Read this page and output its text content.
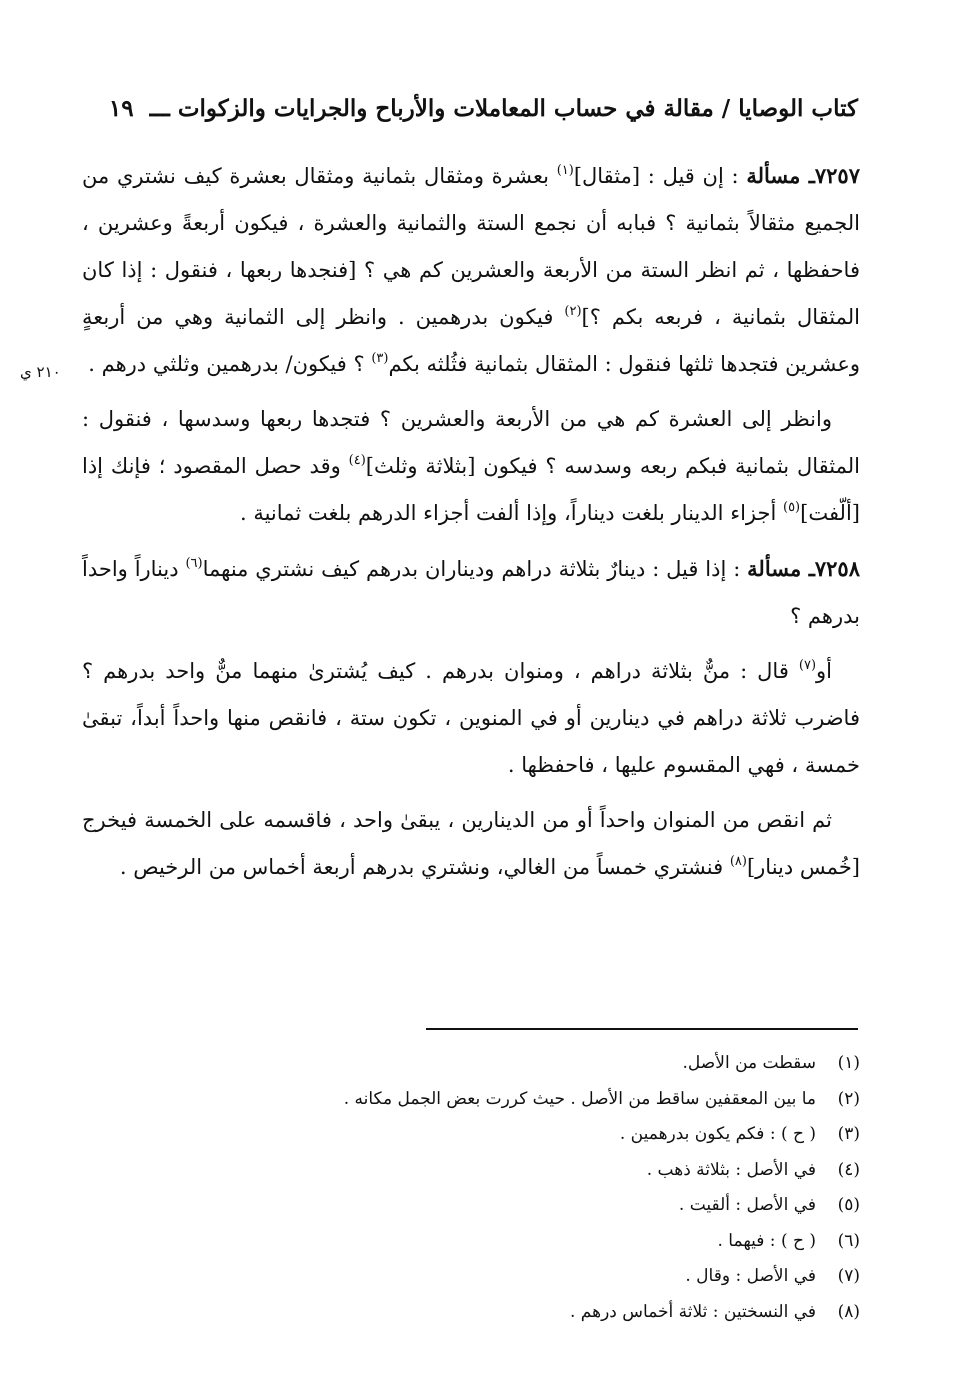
كتاب الوصايا / مقالة في حساب المعاملات والأرباح والجرايات والزكوات ـــ ١٩
٢١٠ ي

٧٢٥٧ـ مسألة : إن قيل : [مثقال]$^{(١)}$ بعشرة ومثقال بثمانية ومثقال بعشرة كيف نشتري من الجميع مثقالاً بثمانية ؟ فبابه أن نجمع الستة والثمانية والعشرة ، فيكون أربعةً وعشرين ، فاحفظها ، ثم انظر الستة من الأربعة والعشرين كم هي ؟ [فنجدها ربعها ، فنقول : إذا كان المثقال بثمانية ، فربعه بكم ؟]$^{(٢)}$ فيكون بدرهمين . وانظر إلى الثمانية وهي من أربعةٍ وعشرين فتجدها ثلثها فنقول : المثقال بثمانية فثُلثه بكم$^{(٣)}$ ؟ فيكون/ بدرهمين وثلثي درهم .

وانظر إلى العشرة كم هي من الأربعة والعشرين ؟ فتجدها ربعها وسدسها ، فنقول : المثقال بثمانية فبكم ربعه وسدسه ؟ فيكون [بثلاثة وثلث]$^{(٤)}$ وقد حصل المقصود ؛ فإنك إذا [ألّفت]$^{(٥)}$ أجزاء الدينار بلغت ديناراً، وإذا ألفت أجزاء الدرهم بلغت ثمانية .

٧٢٥٨ـ مسألة : إذا قيل : دينارٌ بثلاثة دراهم وديناران بدرهم كيف نشتري منهما$^{(٦)}$ ديناراً واحداً بدرهم ؟

أو$^{(٧)}$ قال : منٌّ بثلاثة دراهم ، ومنوان بدرهم . كيف يُشترىٰ منهما منٌّ واحد بدرهم ؟ فاضرب ثلاثة دراهم في دينارين أو في المنوين ، تكون ستة ، فانقص منها واحداً أبداً، تبقىٰ خمسة ، فهي المقسوم عليها ، فاحفظها .

ثم انقص من المنوان واحداً أو من الدينارين ، يبقىٰ واحد ، فاقسمه على الخمسة فيخرج [خُمس دينار]$^{(٨)}$ فنشتري خمساً من الغالي، ونشتري بدرهم أربعة أخماس من الرخيص .

(١)سقطت من الأصل.
(٢)ما بين المعقفين ساقط من الأصل . حيث كررت بعض الجمل مكانه .
(٣)( ح ) : فكم يكون بدرهمين .
(٤)في الأصل : بثلاثة ذهب .
(٥)في الأصل : ألقيت .
(٦)( ح ) : فيهما .
(٧)في الأصل : وقال .
(٨)في النسختين : ثلاثة أخماس درهم .
